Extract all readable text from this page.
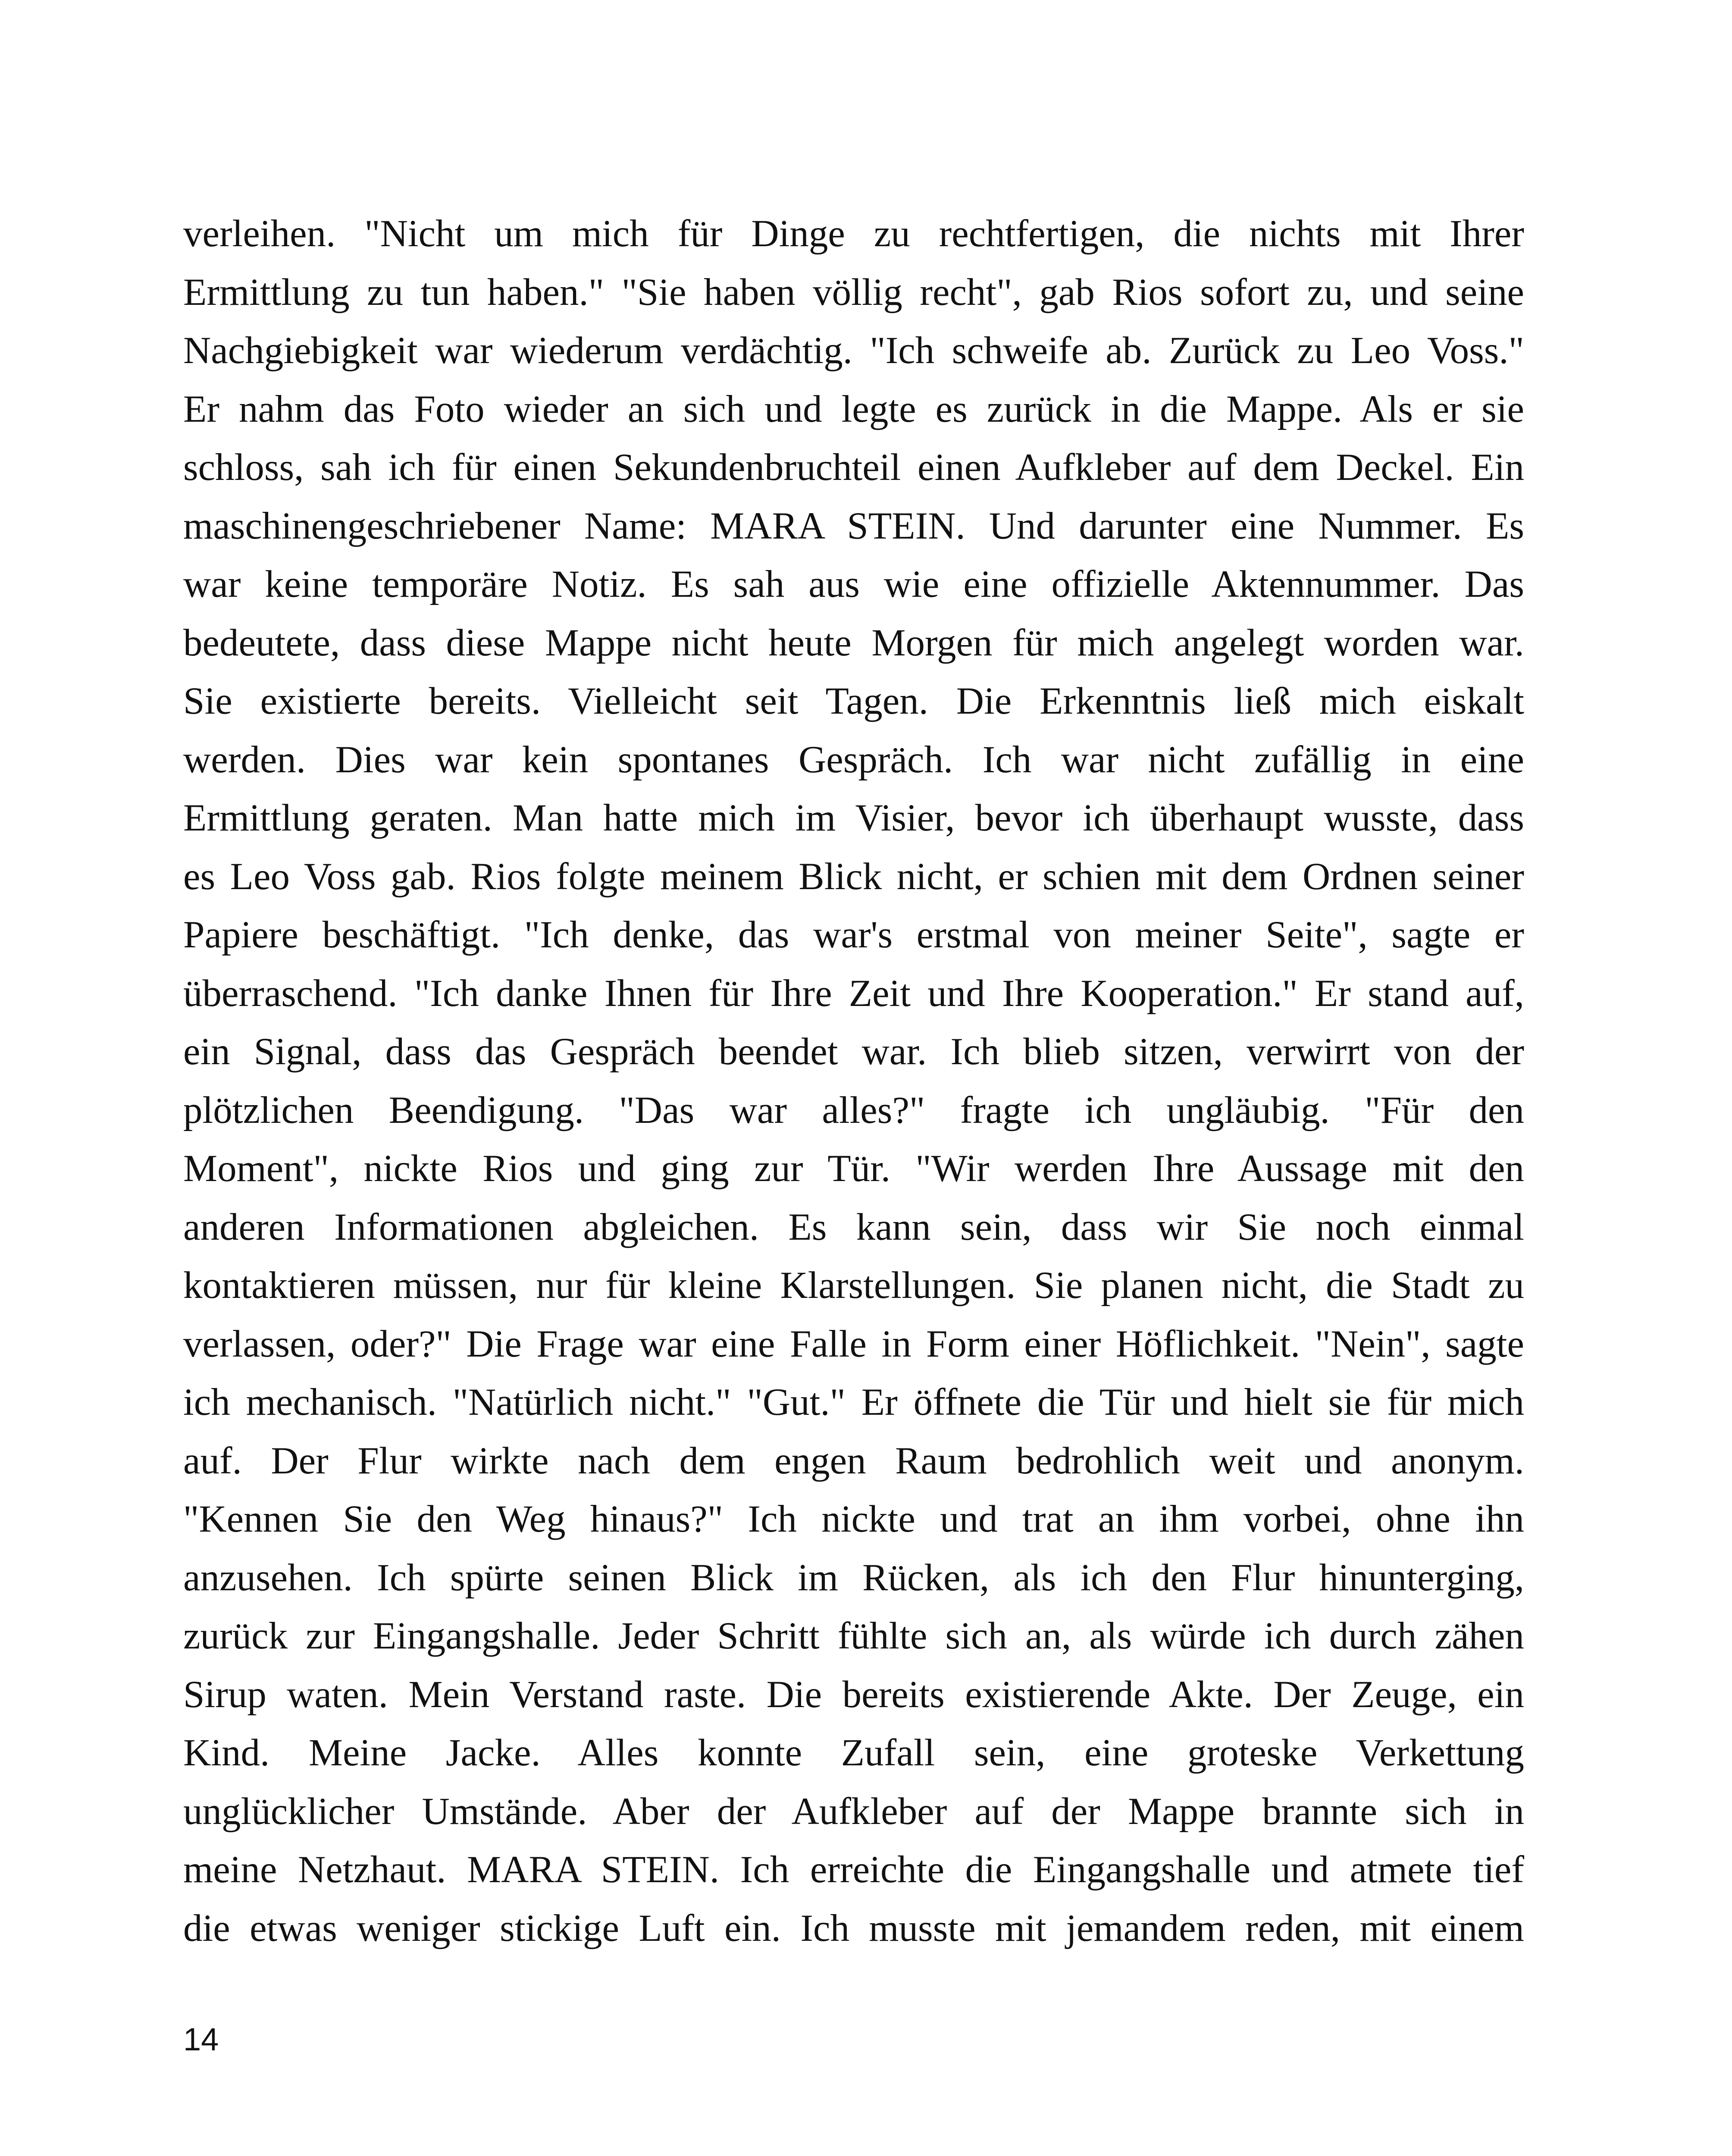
verleihen. "Nicht um mich für Dinge zu rechtfertigen, die nichts mit Ihrer
Ermittlung zu tun haben." "Sie haben völlig recht", gab Rios sofort zu, und seine
Nachgiebigkeit war wiederum verdächtig. "Ich schweife ab. Zurück zu Leo Voss."
Er nahm das Foto wieder an sich und legte es zurück in die Mappe. Als er sie
schloss, sah ich für einen Sekundenbruchteil einen Aufkleber auf dem Deckel. Ein
maschinengeschriebener Name: MARA STEIN. Und darunter eine Nummer. Es
war keine temporäre Notiz. Es sah aus wie eine offizielle Aktennummer. Das
bedeutete, dass diese Mappe nicht heute Morgen für mich angelegt worden war.
Sie existierte bereits. Vielleicht seit Tagen. Die Erkenntnis ließ mich eiskalt
werden. Dies war kein spontanes Gespräch. Ich war nicht zufällig in eine
Ermittlung geraten. Man hatte mich im Visier, bevor ich überhaupt wusste, dass
es Leo Voss gab. Rios folgte meinem Blick nicht, er schien mit dem Ordnen seiner
Papiere beschäftigt. "Ich denke, das war's erstmal von meiner Seite", sagte er
überraschend. "Ich danke Ihnen für Ihre Zeit und Ihre Kooperation." Er stand auf,
ein Signal, dass das Gespräch beendet war. Ich blieb sitzen, verwirrt von der
plötzlichen Beendigung. "Das war alles?" fragte ich ungläubig. "Für den
Moment", nickte Rios und ging zur Tür. "Wir werden Ihre Aussage mit den
anderen Informationen abgleichen. Es kann sein, dass wir Sie noch einmal
kontaktieren müssen, nur für kleine Klarstellungen. Sie planen nicht, die Stadt zu
verlassen, oder?" Die Frage war eine Falle in Form einer Höflichkeit. "Nein", sagte
ich mechanisch. "Natürlich nicht." "Gut." Er öffnete die Tür und hielt sie für mich
auf. Der Flur wirkte nach dem engen Raum bedrohlich weit und anonym.
"Kennen Sie den Weg hinaus?" Ich nickte und trat an ihm vorbei, ohne ihn
anzusehen. Ich spürte seinen Blick im Rücken, als ich den Flur hinunterging,
zurück zur Eingangshalle. Jeder Schritt fühlte sich an, als würde ich durch zähen
Sirup waten. Mein Verstand raste. Die bereits existierende Akte. Der Zeuge, ein
Kind. Meine Jacke. Alles konnte Zufall sein, eine groteske Verkettung
unglücklicher Umstände. Aber der Aufkleber auf der Mappe brannte sich in
meine Netzhaut. MARA STEIN. Ich erreichte die Eingangshalle und atmete tief
die etwas weniger stickige Luft ein. Ich musste mit jemandem reden, mit einem
14
